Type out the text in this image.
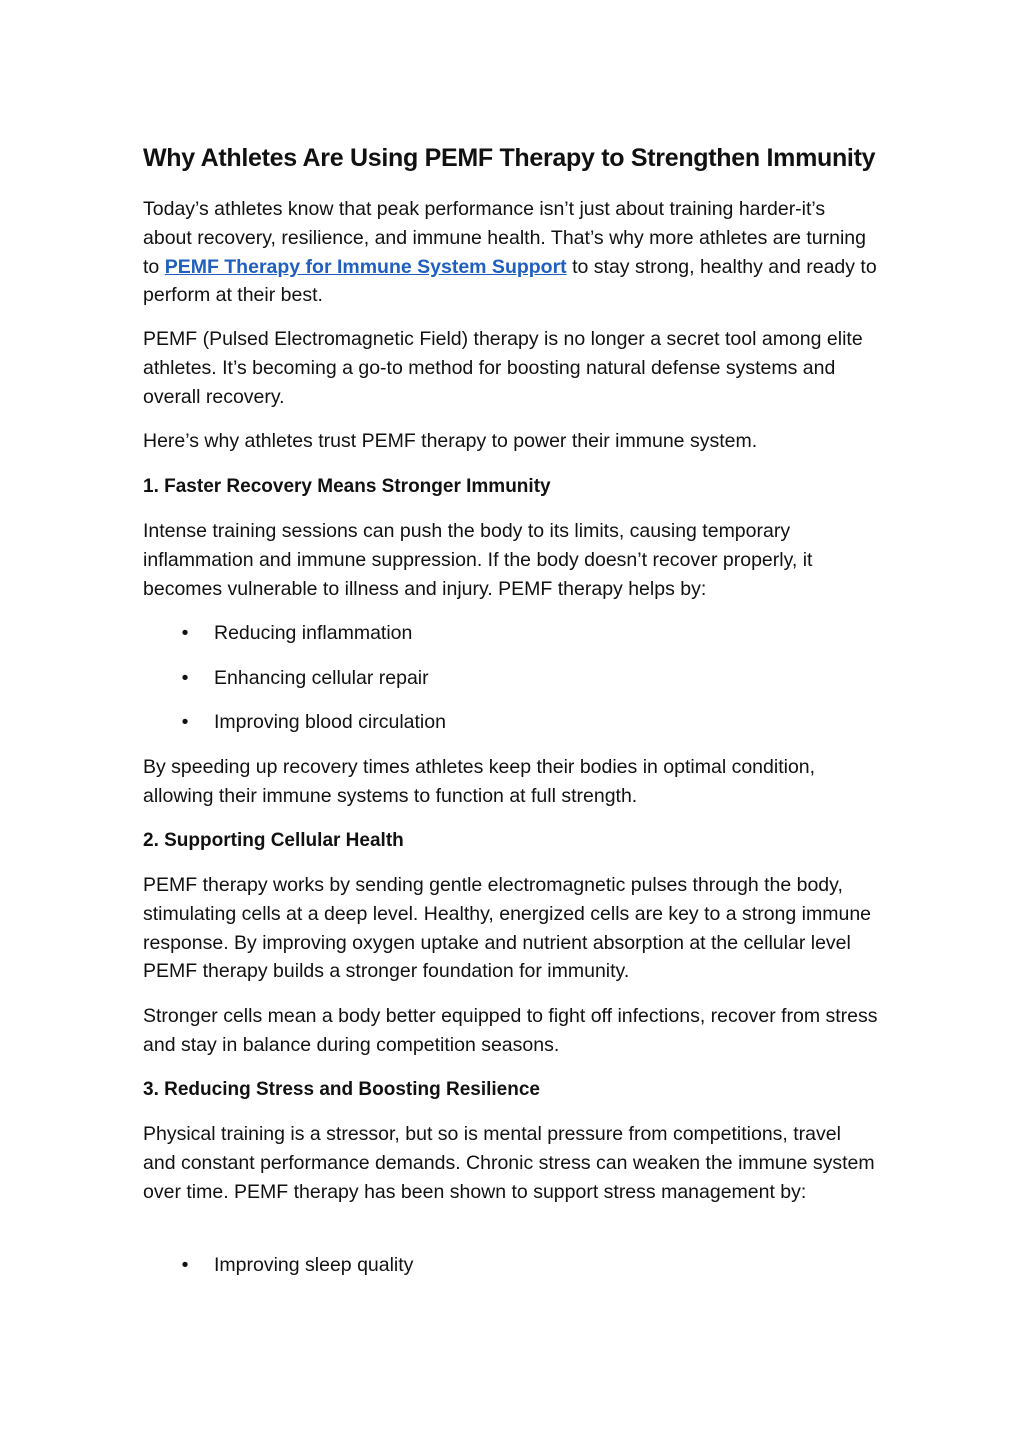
Why Athletes Are Using PEMF Therapy to Strengthen Immunity

Today’s athletes know that peak performance isn’t just about training harder-it’s about recovery, resilience, and immune health. That’s why more athletes are turning to PEMF Therapy for Immune System Support to stay strong, healthy and ready to perform at their best.

PEMF (Pulsed Electromagnetic Field) therapy is no longer a secret tool among elite athletes. It’s becoming a go-to method for boosting natural defense systems and overall recovery.

Here’s why athletes trust PEMF therapy to power their immune system.

1. Faster Recovery Means Stronger Immunity

Intense training sessions can push the body to its limits, causing temporary inflammation and immune suppression. If the body doesn’t recover properly, it becomes vulnerable to illness and injury. PEMF therapy helps by:

• Reducing inflammation
• Enhancing cellular repair
• Improving blood circulation

By speeding up recovery times athletes keep their bodies in optimal condition, allowing their immune systems to function at full strength.

2. Supporting Cellular Health

PEMF therapy works by sending gentle electromagnetic pulses through the body, stimulating cells at a deep level. Healthy, energized cells are key to a strong immune response. By improving oxygen uptake and nutrient absorption at the cellular level PEMF therapy builds a stronger foundation for immunity.

Stronger cells mean a body better equipped to fight off infections, recover from stress and stay in balance during competition seasons.

3. Reducing Stress and Boosting Resilience

Physical training is a stressor, but so is mental pressure from competitions, travel and constant performance demands. Chronic stress can weaken the immune system over time. PEMF therapy has been shown to support stress management by:

• Improving sleep quality
